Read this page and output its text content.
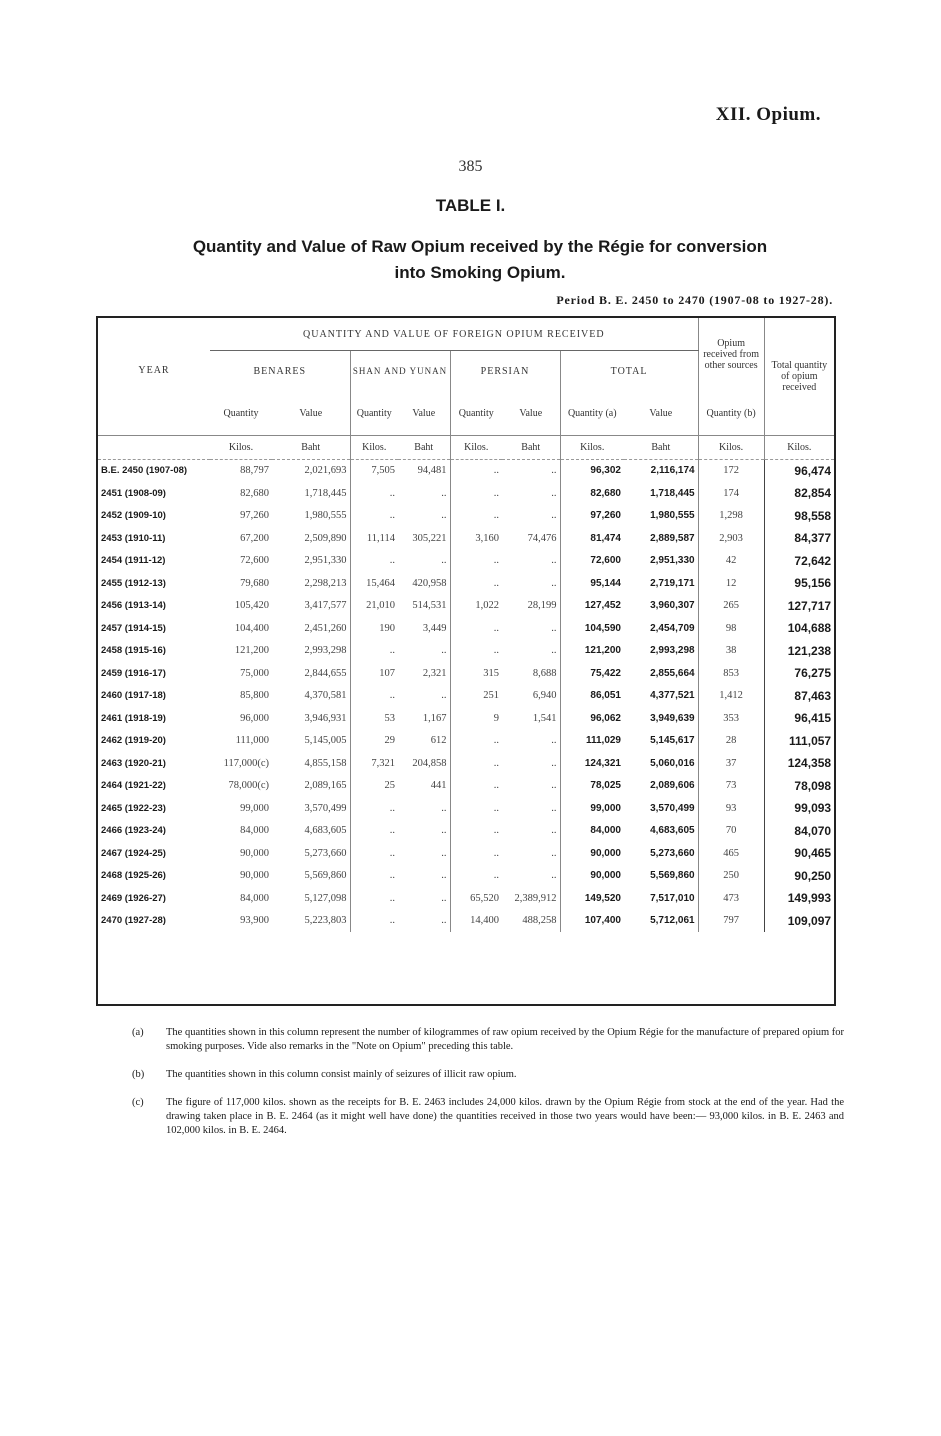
XII. Opium.
385
TABLE I.
Quantity and Value of Raw Opium received by the Régie for conversion
into Smoking Opium.
Period B. E. 2450 to 2470 (1907-08 to 1927-28).
	QUANTITY AND VALUE OF FOREIGN OPIUM RECEIVED								Opium received from other sources	Total quantity of opium received
YEAR	BENARES		SHAN AND YUNAN		PERSIAN		TOTAL			
	Quantity	Value	Quantity	Value	Quantity	Value	Quantity (a)	Value	Quantity (b)	
	Kilos.	Baht	Kilos.	Baht	Kilos.	Baht	Kilos.	Baht	Kilos.	Kilos.
B.E. 2450 (1907-08)	88,797	2,021,693	7,505	94,481	..	..	96,302	2,116,174	172	96,474
2451 (1908-09)	82,680	1,718,445	..	..	..	..	82,680	1,718,445	174	82,854
2452 (1909-10)	97,260	1,980,555	..	..	..	..	97,260	1,980,555	1,298	98,558
2453 (1910-11)	67,200	2,509,890	11,114	305,221	3,160	74,476	81,474	2,889,587	2,903	84,377
2454 (1911-12)	72,600	2,951,330	..	..	..	..	72,600	2,951,330	42	72,642
2455 (1912-13)	79,680	2,298,213	15,464	420,958	..	..	95,144	2,719,171	12	95,156
2456 (1913-14)	105,420	3,417,577	21,010	514,531	1,022	28,199	127,452	3,960,307	265	127,717
2457 (1914-15)	104,400	2,451,260	190	3,449	..	..	104,590	2,454,709	98	104,688
2458 (1915-16)	121,200	2,993,298	..	..	..	..	121,200	2,993,298	38	121,238
2459 (1916-17)	75,000	2,844,655	107	2,321	315	8,688	75,422	2,855,664	853	76,275
2460 (1917-18)	85,800	4,370,581	..	..	251	6,940	86,051	4,377,521	1,412	87,463
2461 (1918-19)	96,000	3,946,931	53	1,167	9	1,541	96,062	3,949,639	353	96,415
2462 (1919-20)	111,000	5,145,005	29	612	..	..	111,029	5,145,617	28	111,057
2463 (1920-21)	117,000(c)	4,855,158	7,321	204,858	..	..	124,321	5,060,016	37	124,358
2464 (1921-22)	78,000(c)	2,089,165	25	441	..	..	78,025	2,089,606	73	78,098
2465 (1922-23)	99,000	3,570,499	..	..	..	..	99,000	3,570,499	93	99,093
2466 (1923-24)	84,000	4,683,605	..	..	..	..	84,000	4,683,605	70	84,070
2467 (1924-25)	90,000	5,273,660	..	..	..	..	90,000	5,273,660	465	90,465
2468 (1925-26)	90,000	5,569,860	..	..	..	..	90,000	5,569,860	250	90,250
2469 (1926-27)	84,000	5,127,098	..	..	65,520	2,389,912	149,520	7,517,010	473	149,993
2470 (1927-28)	93,900	5,223,803	..	..	14,400	488,258	107,400	5,712,061	797	109,097
(a)	The quantities shown in this column represent the number of kilogrammes of raw opium received by the Opium Régie for the manufacture of prepared opium for smoking purposes. Vide also remarks in the "Note on Opium" preceding this table.
(b)	The quantities shown in this column consist mainly of seizures of illicit raw opium.
(c)	The figure of 117,000 kilos. shown as the receipts for B. E. 2463 includes 24,000 kilos. drawn by the Opium Régie from stock at the end of the year. Had the drawing taken place in B. E. 2464 (as it might well have done) the quantities received in those two years would have been:— 93,000 kilos. in B. E. 2463 and 102,000 kilos. in B. E. 2464.
